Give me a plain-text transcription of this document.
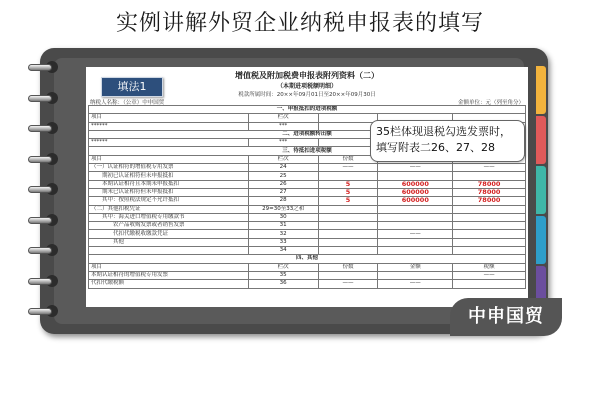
实例讲解外贸企业纳税申报表的填写
增值税及附加税费申报表附列资料（二）
（本期进项税额明细）
税款所属时间：20××年09月01日至20××年09月30日
纳税人名称：（公章）中申国贸	金额单位：元（列至角分）
一、申报抵扣的进项税额				
项目	栏次			
******	***			
二、进项税额转出额				
******	***			
三、待抵扣进项税额				
项目	栏次	份数		
（一）认证相符的增值税专用发票	24	——	——	——
　　期初已认证相符但未申报抵扣	25			
　　本期认证相符且本期未申报抵扣	26	5	600000	78000
　　期末已认证相符但未申报抵扣	27	5	600000	78000
　　其中：按照税法规定不允许抵扣	28	5	600000	78000
（二）其他扣税凭证	29=30至33之和			
　　其中：海关进口增值税专用缴款书	30			
　　　　农产品收购发票或者销售发票	31			
　　　　代扣代缴税收缴款凭证	32		——	
　　　　其他	33			
	34			
四、其他				
项目	栏次	份数	金额	税额
本期认证相符的增值税专用发票	35			——
代扣代缴税额	36	——	——	
填法1
35栏体现退税勾选发票时，
填写附表二26、27、28
中申国贸
